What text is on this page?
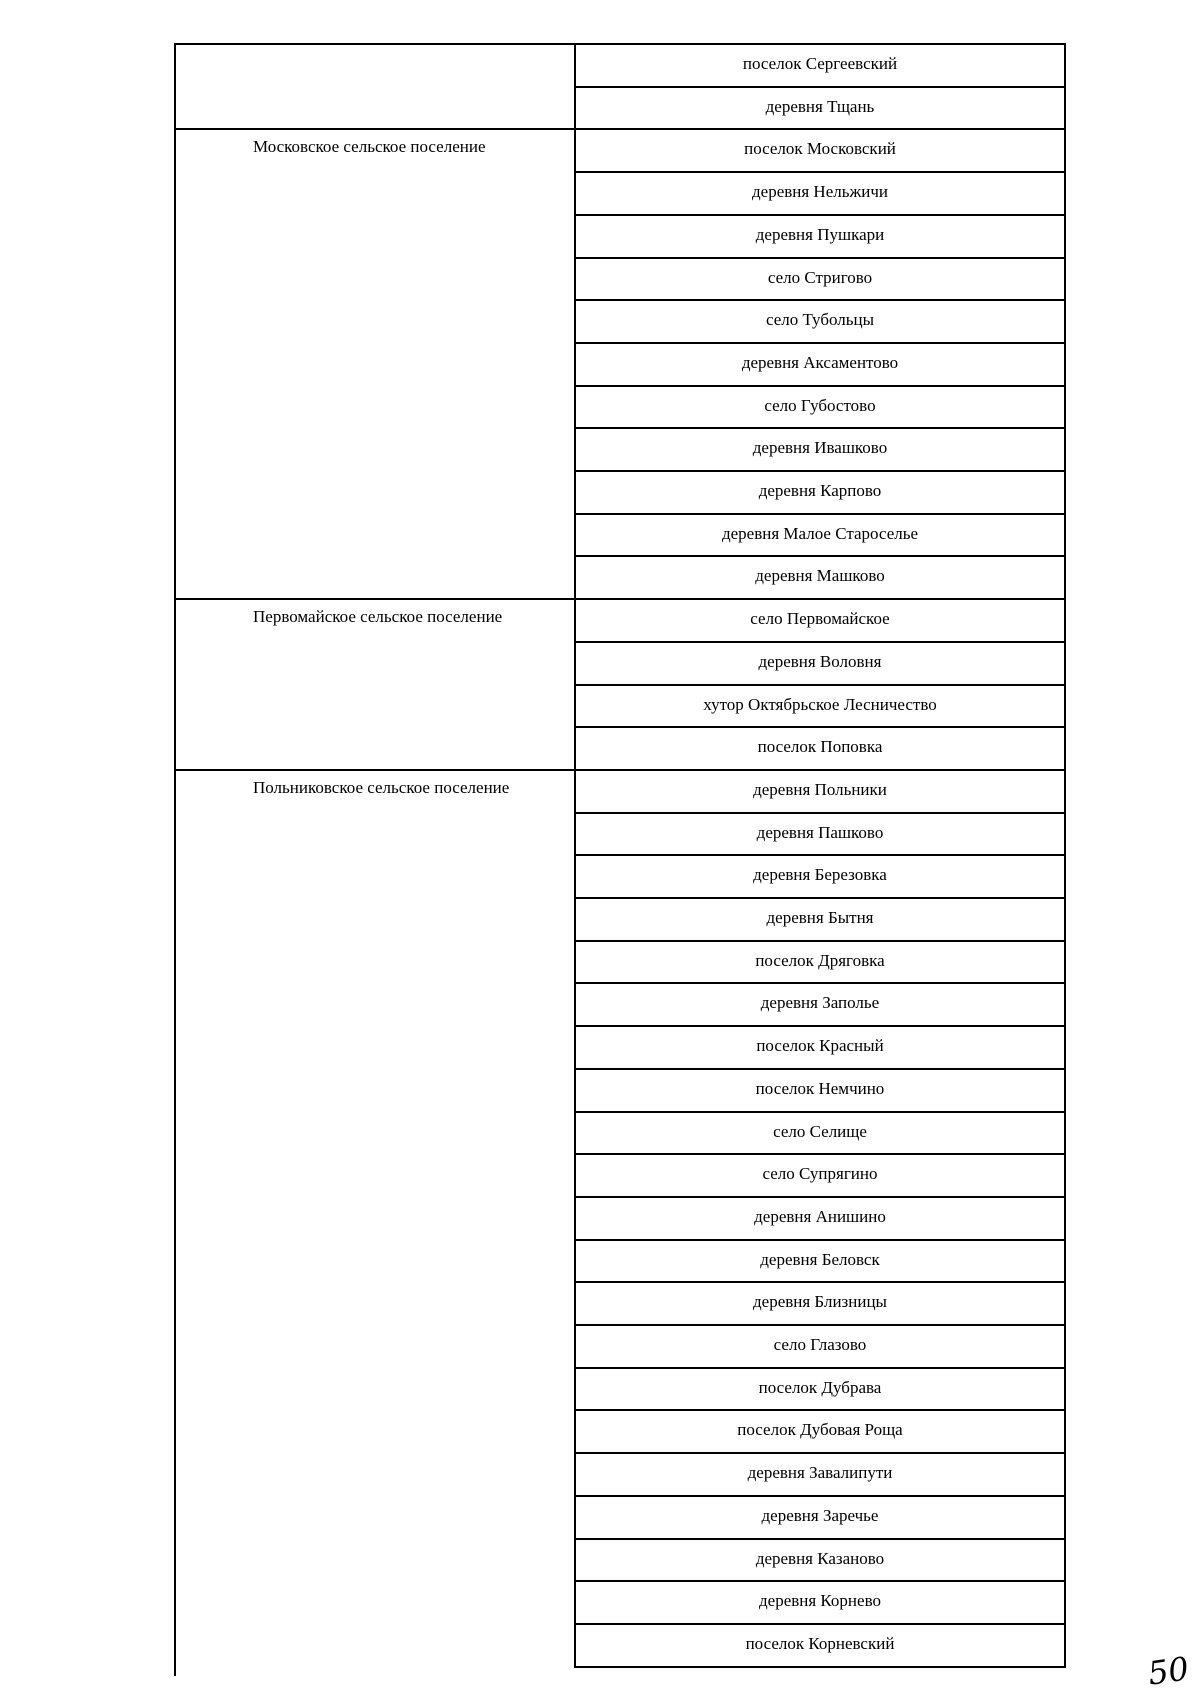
поселок Сергеевский
деревня Тщань
Московское сельское поселение	поселок Московский
деревня Нельжичи
деревня Пушкари
село Стригово
село Тубольцы
деревня Аксаментово
село Губостово
деревня Ивашково
деревня Карпово
деревня Малое Староселье
деревня Машково
Первомайское сельское поселение	село Первомайское
деревня Воловня
хутор Октябрьское Лесничество
поселок Поповка
Польниковское сельское поселение	деревня Польники
деревня Пашково
деревня Березовка
деревня Бытня
поселок Дряговка
деревня Заполье
поселок Красный
поселок Немчино
село Селище
село Супрягино
деревня Анишино
деревня Беловск
деревня Близницы
село Глазово
поселок Дубрава
поселок Дубовая Роща
деревня Завалипути
деревня Заречье
деревня Казаново
деревня Корнево
поселок Корневский
50
